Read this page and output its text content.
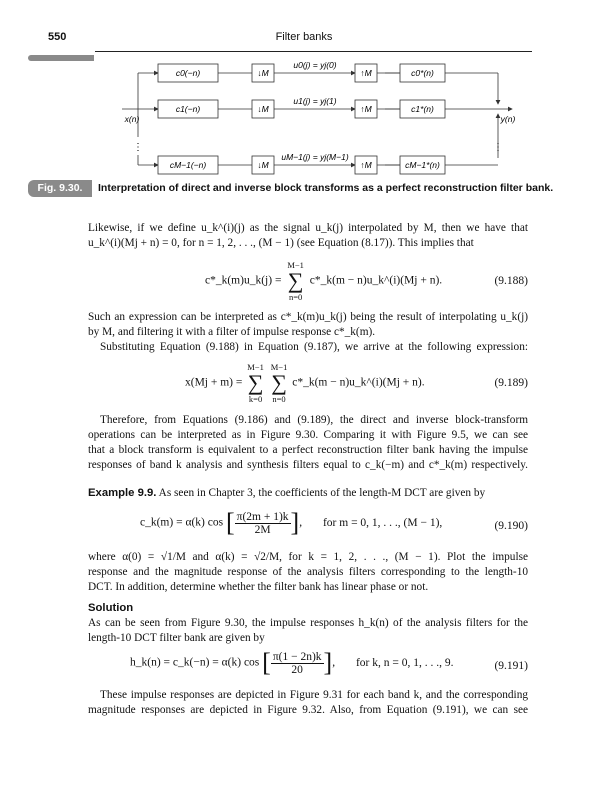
550	Filter banks
c0(−n)	↓M	↑M	c0*(n)
u0(j) = yj(0)
c1(−n)	↓M	↑M	c1*(n)
u1(j) = yj(1)
cM−1(−n)	↓M	↑M	cM−1*(n)
uM−1(j) = yj(M−1)
x(n)	y(n)
⋮	⋮
Fig. 9.30.	Interpretation of direct and inverse block transforms as a perfect reconstruction filter bank.
Likewise, if we define u_k^(i)(j) as the signal u_k(j) interpolated by M, then we have that
u_k^(i)(Mj + n) = 0, for n = 1, 2, . . ., (M − 1) (see Equation (8.17)). This implies that
c*_k(m)u_k(j) =
M−1
∑
n=0
c*_k(m − n)u_k^(i)(Mj + n).	(9.188)
Such an expression can be interpreted as c*_k(m)u_k(j) being the result of interpolating u_k(j)
by M, and filtering it with a filter of impulse response c*_k(m).
Substituting Equation (9.188) in Equation (9.187), we arrive at the following expression:
x(Mj + m) =
M−1
∑
k=0

M−1
∑
n=0
c*_k(m − n)u_k^(i)(Mj + n).	(9.189)
Therefore, from Equations (9.186) and (9.189), the direct and inverse block-transform
operations can be interpreted as in Figure 9.30. Comparing it with Figure 9.5, we can see
that a block transform is equivalent to a perfect reconstruction filter bank having the impulse
responses of band k analysis and synthesis filters equal to c_k(−m) and c*_k(m) respectively.
Example 9.9. As seen in Chapter 3, the coefficients of the length-M DCT are given by
c_k(m) = α(k) cos [ $\frac{\pi(2m + 1)k}{2M}$ ], for m = 0, 1, . . ., (M − 1),	(9.190)
where α(0) = √1/M and α(k) = √2/M, for k = 1, 2, . . ., (M − 1). Plot the impulse
response and the magnitude response of the analysis filters corresponding to the length-10
DCT. In addition, determine whether the filter bank has linear phase or not.
Solution
As can be seen from Figure 9.30, the impulse responses h_k(n) of the analysis filters for the
length-10 DCT filter bank are given by
h_k(n) = c_k(−n) = α(k) cos [ $\frac{\pi(1 - 2n)k}{20}$ ], for k, n = 0, 1, . . ., 9.	(9.191)
These impulse responses are depicted in Figure 9.31 for each band k, and the corresponding
magnitude responses are depicted in Figure 9.32. Also, from Equation (9.191), we can see
